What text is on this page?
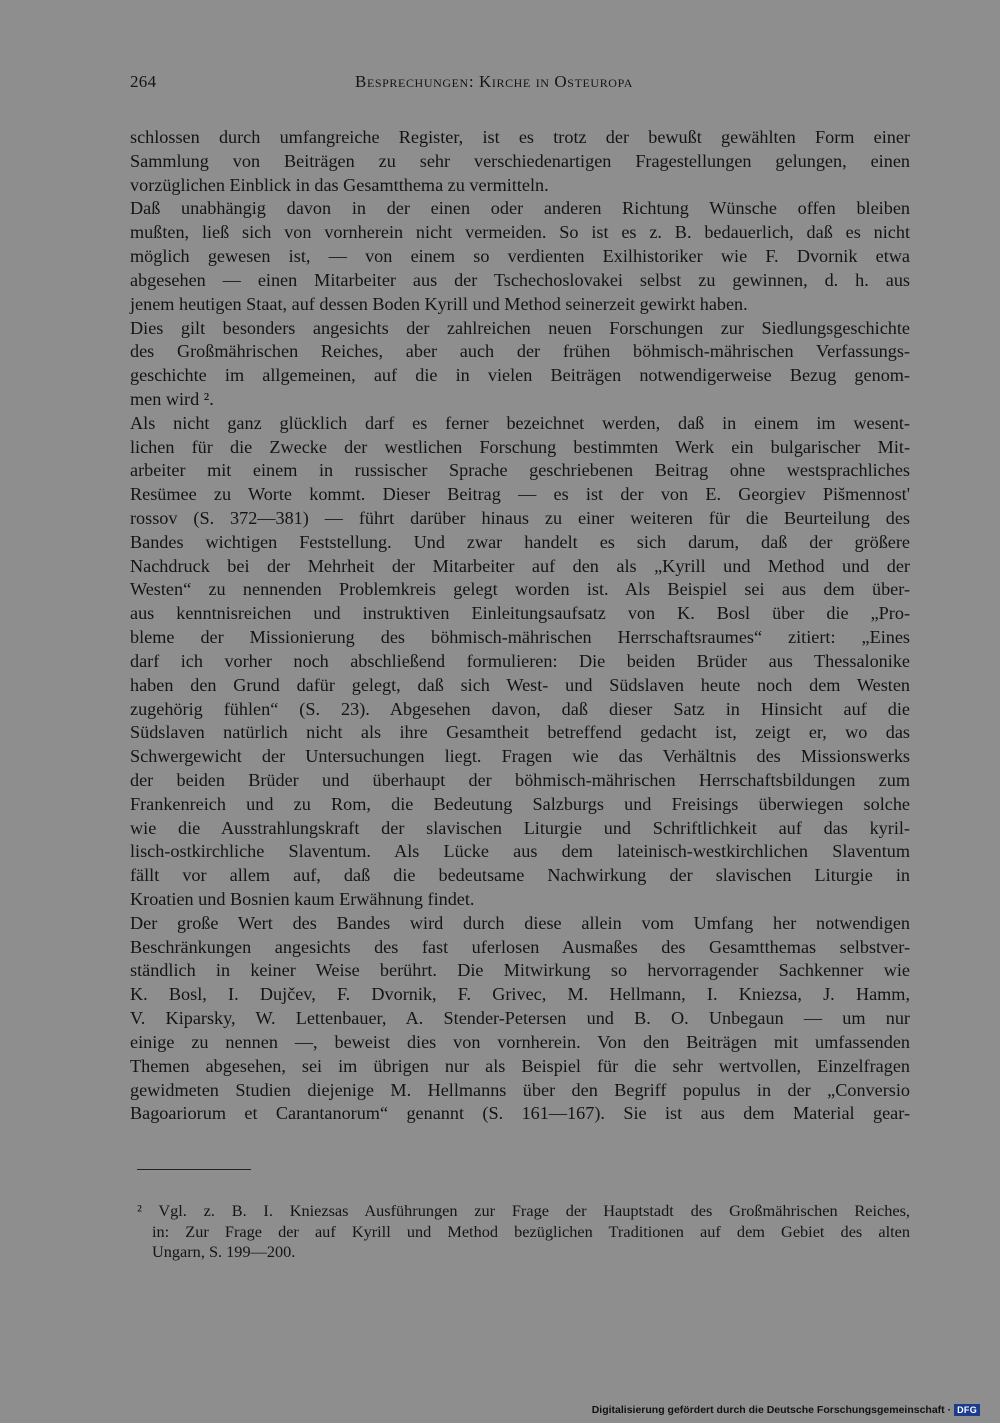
264	Besprechungen: Kirche in Osteuropa
schlossen durch umfangreiche Register, ist es trotz der bewußt gewählten Form einer
Sammlung von Beiträgen zu sehr verschiedenartigen Fragestellungen gelungen, einen
vorzüglichen Einblick in das Gesamtthema zu vermitteln.
Daß unabhängig davon in der einen oder anderen Richtung Wünsche offen bleiben
mußten, ließ sich von vornherein nicht vermeiden. So ist es z. B. bedauerlich, daß es nicht
möglich gewesen ist, — von einem so verdienten Exilhistoriker wie F. Dvornik etwa
abgesehen — einen Mitarbeiter aus der Tschechoslovakei selbst zu gewinnen, d. h. aus
jenem heutigen Staat, auf dessen Boden Kyrill und Method seinerzeit gewirkt haben.
Dies gilt besonders angesichts der zahlreichen neuen Forschungen zur Siedlungsgeschichte
des Großmährischen Reiches, aber auch der frühen böhmisch-mährischen Verfassungs-
geschichte im allgemeinen, auf die in vielen Beiträgen notwendigerweise Bezug genom-
men wird ².
Als nicht ganz glücklich darf es ferner bezeichnet werden, daß in einem im wesent-
lichen für die Zwecke der westlichen Forschung bestimmten Werk ein bulgarischer Mit-
arbeiter mit einem in russischer Sprache geschriebenen Beitrag ohne westsprachliches
Resümee zu Worte kommt. Dieser Beitrag — es ist der von E. Georgiev Pis̆mennost'
rossov (S. 372—381) — führt darüber hinaus zu einer weiteren für die Beurteilung des
Bandes wichtigen Feststellung. Und zwar handelt es sich darum, daß der größere
Nachdruck bei der Mehrheit der Mitarbeiter auf den als „Kyrill und Method und der
Westen“ zu nennenden Problemkreis gelegt worden ist. Als Beispiel sei aus dem über-
aus kenntnisreichen und instruktiven Einleitungsaufsatz von K. Bosl über die „Pro-
bleme der Missionierung des böhmisch-mährischen Herrschaftsraumes“ zitiert: „Eines
darf ich vorher noch abschließend formulieren: Die beiden Brüder aus Thessalonike
haben den Grund dafür gelegt, daß sich West- und Südslaven heute noch dem Westen
zugehörig fühlen“ (S. 23). Abgesehen davon, daß dieser Satz in Hinsicht auf die
Südslaven natürlich nicht als ihre Gesamtheit betreffend gedacht ist, zeigt er, wo das
Schwergewicht der Untersuchungen liegt. Fragen wie das Verhältnis des Missionswerks
der beiden Brüder und überhaupt der böhmisch-mährischen Herrschaftsbildungen zum
Frankenreich und zu Rom, die Bedeutung Salzburgs und Freisings überwiegen solche
wie die Ausstrahlungskraft der slavischen Liturgie und Schriftlichkeit auf das kyril-
lisch-ostkirchliche Slaventum. Als Lücke aus dem lateinisch-westkirchlichen Slaventum
fällt vor allem auf, daß die bedeutsame Nachwirkung der slavischen Liturgie in
Kroatien und Bosnien kaum Erwähnung findet.
Der große Wert des Bandes wird durch diese allein vom Umfang her notwendigen
Beschränkungen angesichts des fast uferlosen Ausmaßes des Gesamtthemas selbstver-
ständlich in keiner Weise berührt. Die Mitwirkung so hervorragender Sachkenner wie
K. Bosl, I. Dujčev, F. Dvornik, F. Grivec, M. Hellmann, I. Kniezsa, J. Hamm,
V. Kiparsky, W. Lettenbauer, A. Stender-Petersen und B. O. Unbegaun — um nur
einige zu nennen —, beweist dies von vornherein. Von den Beiträgen mit umfassenden
Themen abgesehen, sei im übrigen nur als Beispiel für die sehr wertvollen, Einzelfragen
gewidmeten Studien diejenige M. Hellmanns über den Begriff populus in der „Conversio
Bagoariorum et Carantanorum“ genannt (S. 161—167). Sie ist aus dem Material gear-
² Vgl. z. B. I. Kniezsas Ausführungen zur Frage der Hauptstadt des Großmährischen Reiches,
in: Zur Frage der auf Kyrill und Method bezüglichen Traditionen auf dem Gebiet des alten
Ungarn, S. 199—200.
Digitalisierung gefördert durch die Deutsche Forschungsgemeinschaft · DFG
